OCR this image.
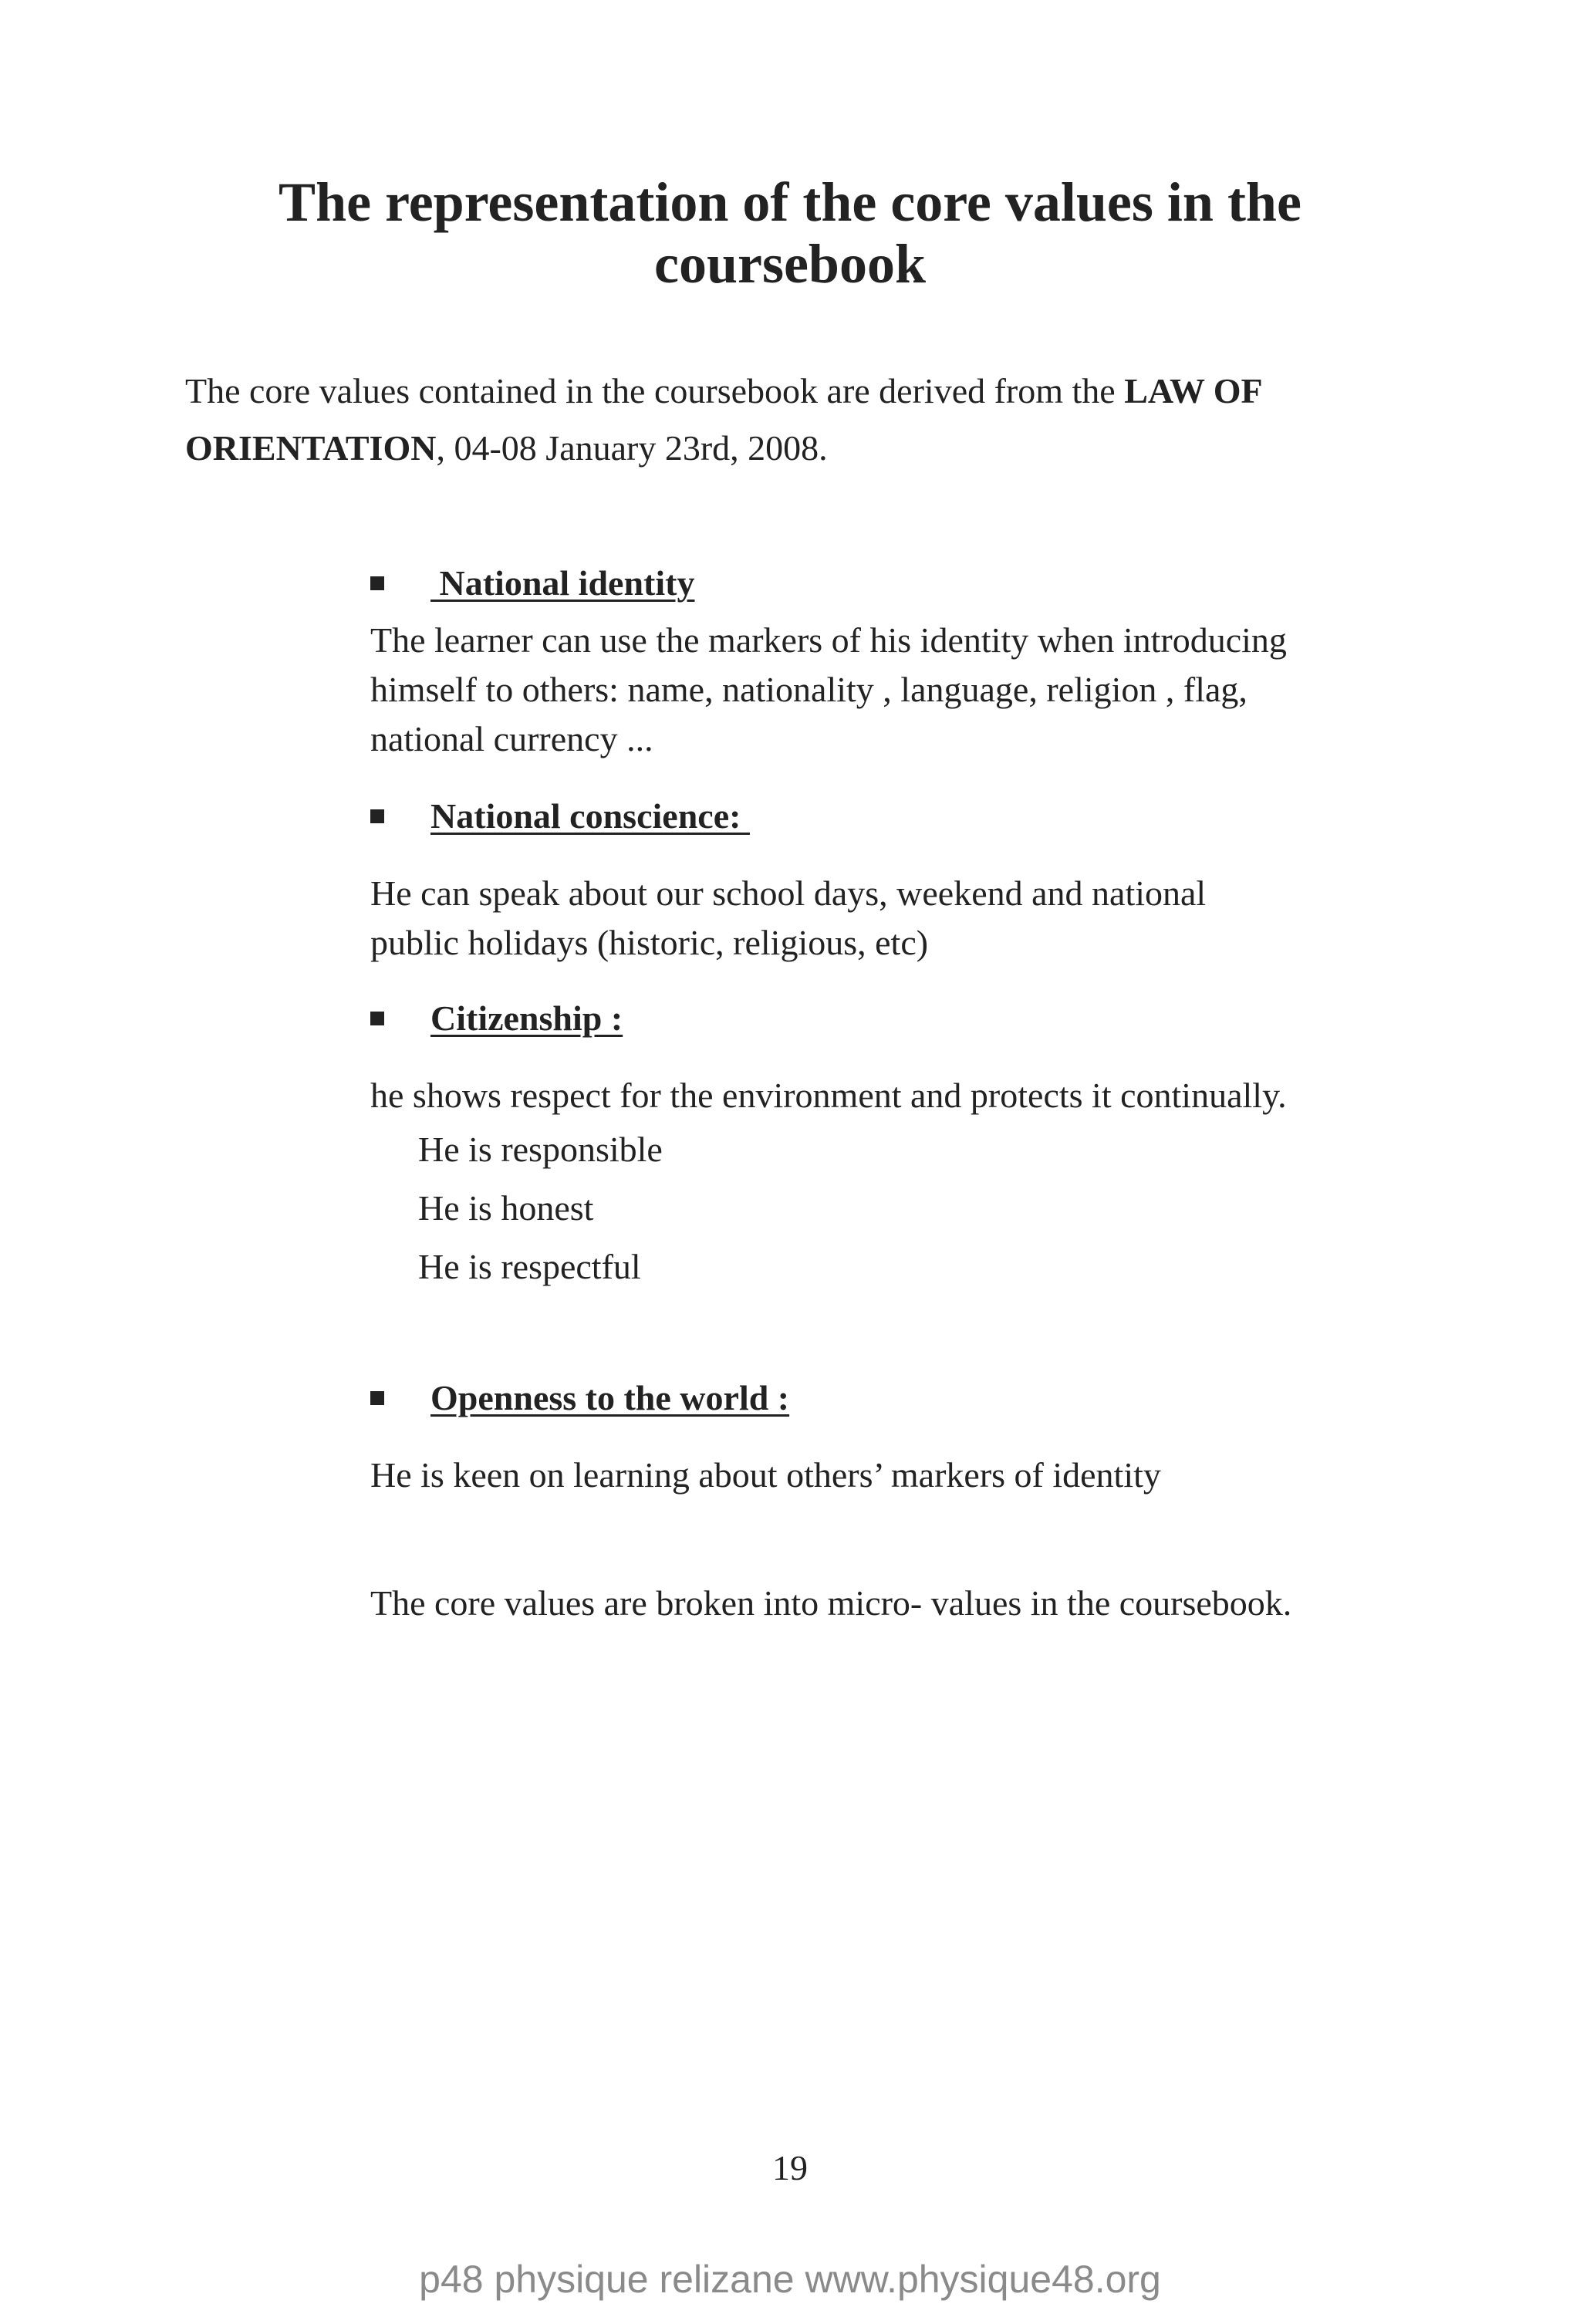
The representation of the core values in the coursebook

The core values contained in the coursebook are derived from the LAW OF ORIENTATION, 04-08 January 23rd, 2008.

National identity

The learner can use the markers of his identity when introducing himself to others: name, nationality , language, religion , flag, national currency ...

National conscience:

He can speak about our school days, weekend and national public holidays (historic, religious, etc)

Citizenship :

he shows respect for the environment and protects it continually.

He is responsible

He is honest

He is respectful

Openness to the world :

He is keen on learning about others’ markers of identity

The core values are broken into micro- values in the coursebook.

19
p48 physique relizane www.physique48.org
